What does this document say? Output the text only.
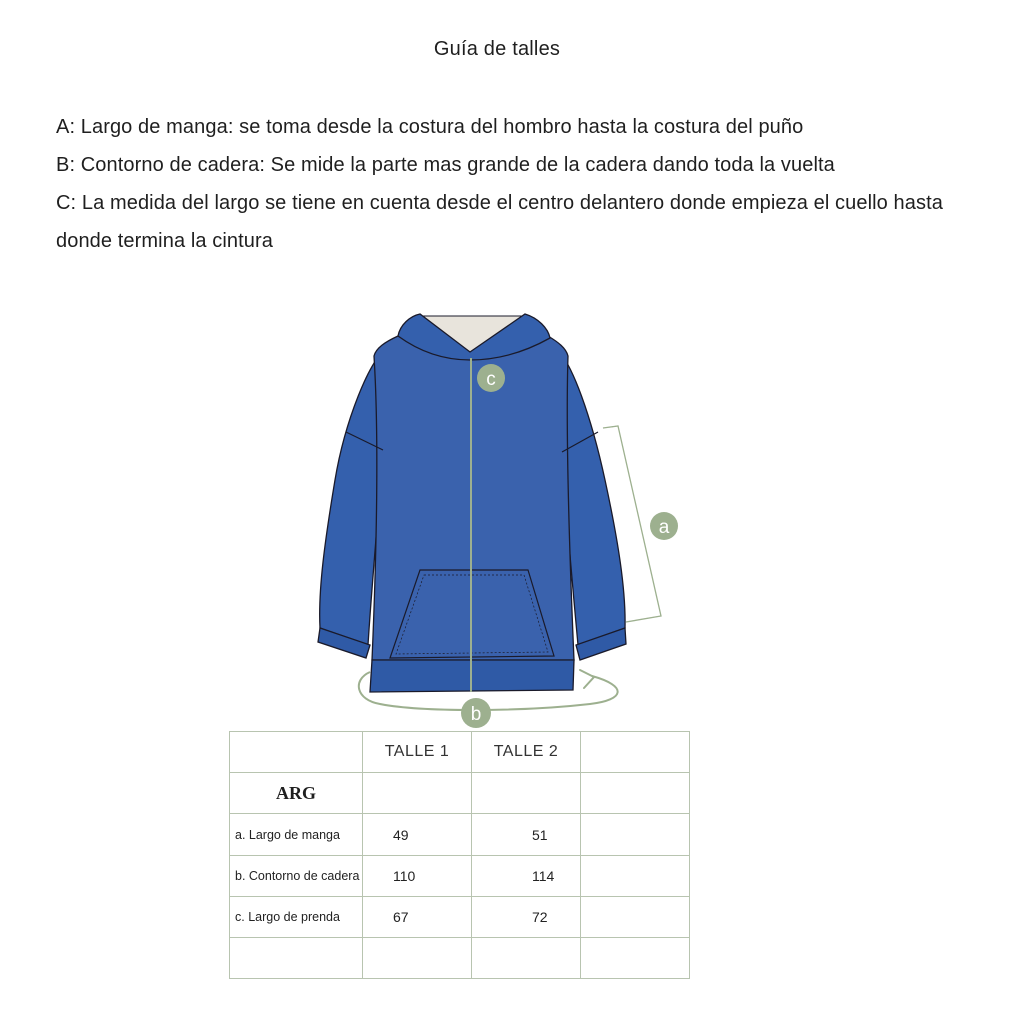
Guía de talles

A: Largo de manga: se toma desde la costura del hombro hasta la costura del puño

B: Contorno de cadera: Se mide la parte mas grande de la cadera dando toda la vuelta

C: La medida del largo se tiene en cuenta desde el centro delantero donde empieza el cuello hasta donde termina la cintura

c
a
b
	TALLE 1	TALLE 2	
ARG			
a. Largo de manga	49	51	
b. Contorno de cadera	110	114	
c. Largo de prenda	67	72	
